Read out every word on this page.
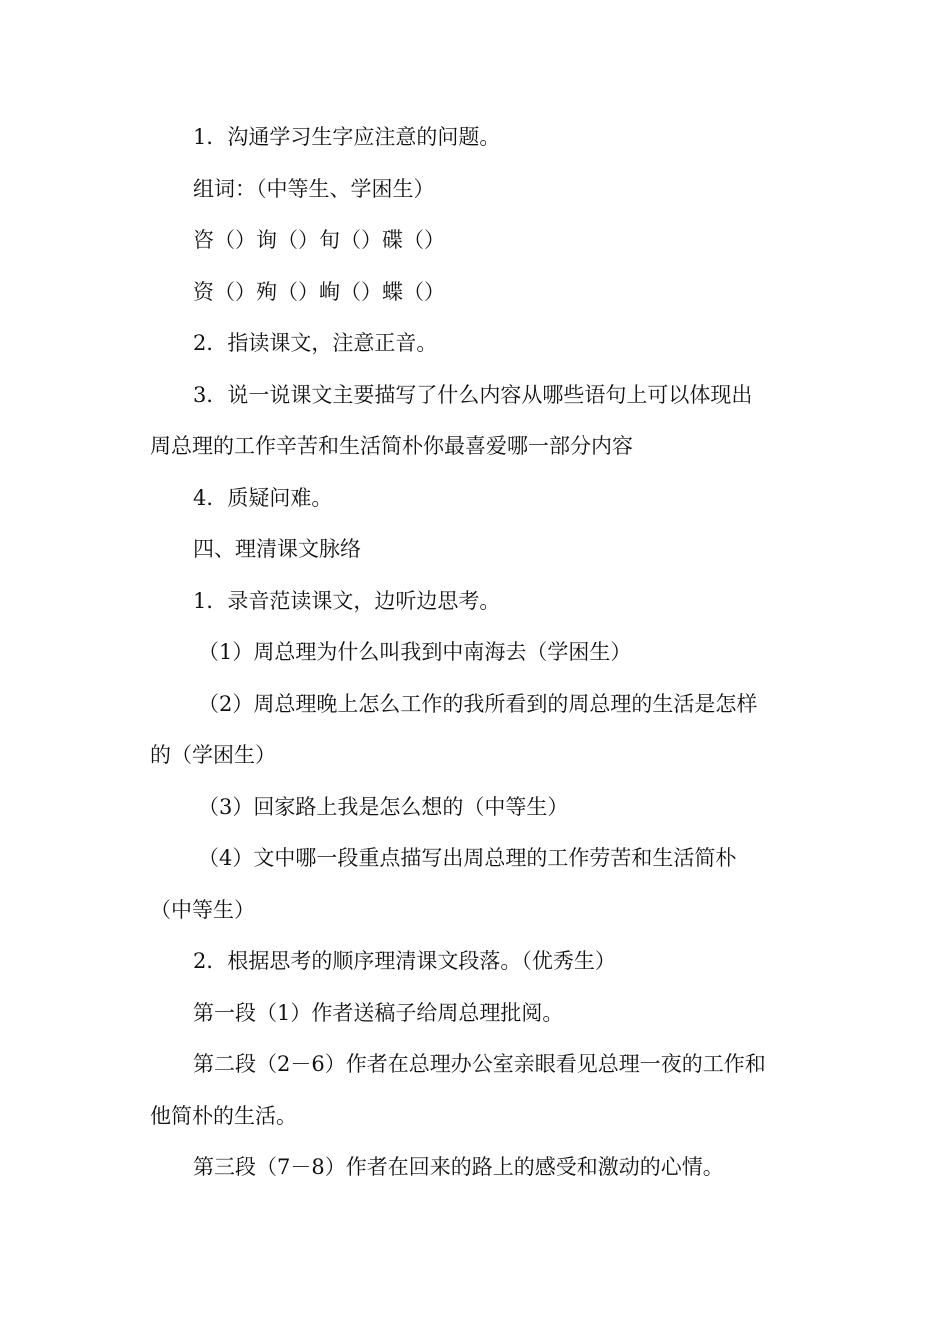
1．沟通学习生字应注意的问题。
组词：（中等生、学困生）
咨（）询（）旬（）碟（）
资（）殉（）峋（）蝶（）
2．指读课文，注意正音。
3．说一说课文主要描写了什么内容从哪些语句上可以体现出
周总理的工作辛苦和生活简朴你最喜爱哪一部分内容
4．质疑问难。
四、理清课文脉络
1．录音范读课文，边听边思考。
（1）周总理为什么叫我到中南海去（学困生）
（2）周总理晚上怎么工作的我所看到的周总理的生活是怎样
的（学困生）
（3）回家路上我是怎么想的（中等生）
（4）文中哪一段重点描写出周总理的工作劳苦和生活简朴
（中等生）
2．根据思考的顺序理清课文段落。（优秀生）
第一段（1）作者送稿子给周总理批阅。
第二段（2－6）作者在总理办公室亲眼看见总理一夜的工作和
他简朴的生活。
第三段（7－8）作者在回来的路上的感受和激动的心情。
